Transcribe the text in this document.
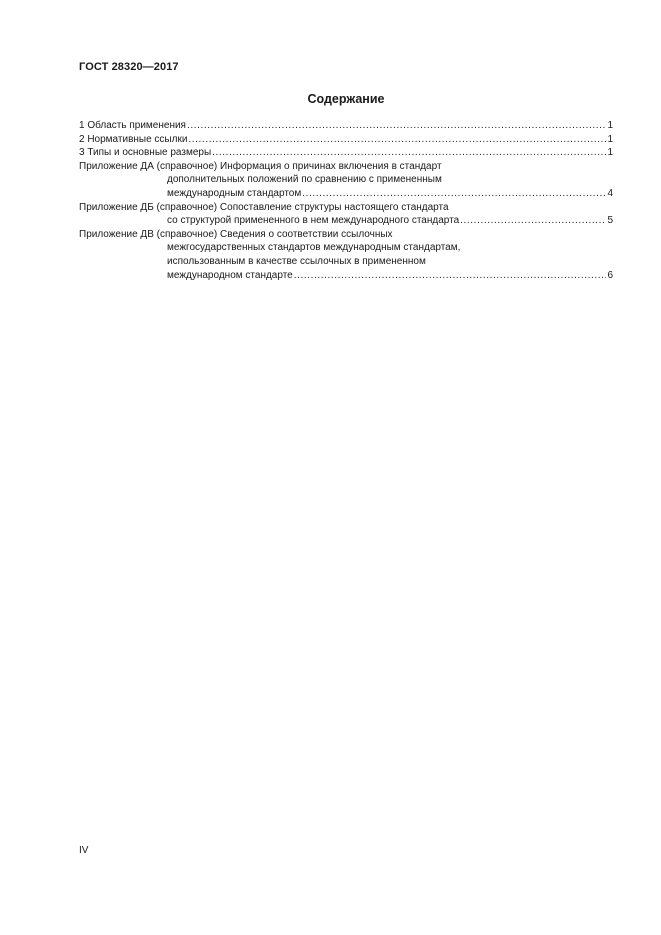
ГОСТ 28320—2017
Содержание
1 Область применения .....	1
2 Нормативные ссылки .....	1
3 Типы и основные размеры .....	1
Приложение ДА (справочное) Информация о причинах включения в стандарт
дополнительных положений по сравнению с примененным
международным стандартом .....	4
Приложение ДБ (справочное) Сопоставление структуры настоящего стандарта
со структурой примененного в нем международного стандарта .....	5
Приложение ДВ (справочное) Сведения о соответствии ссылочных
межгосударственных стандартов международным стандартам,
использованным в качестве ссылочных в примененном
международном стандарте .....	6
IV
